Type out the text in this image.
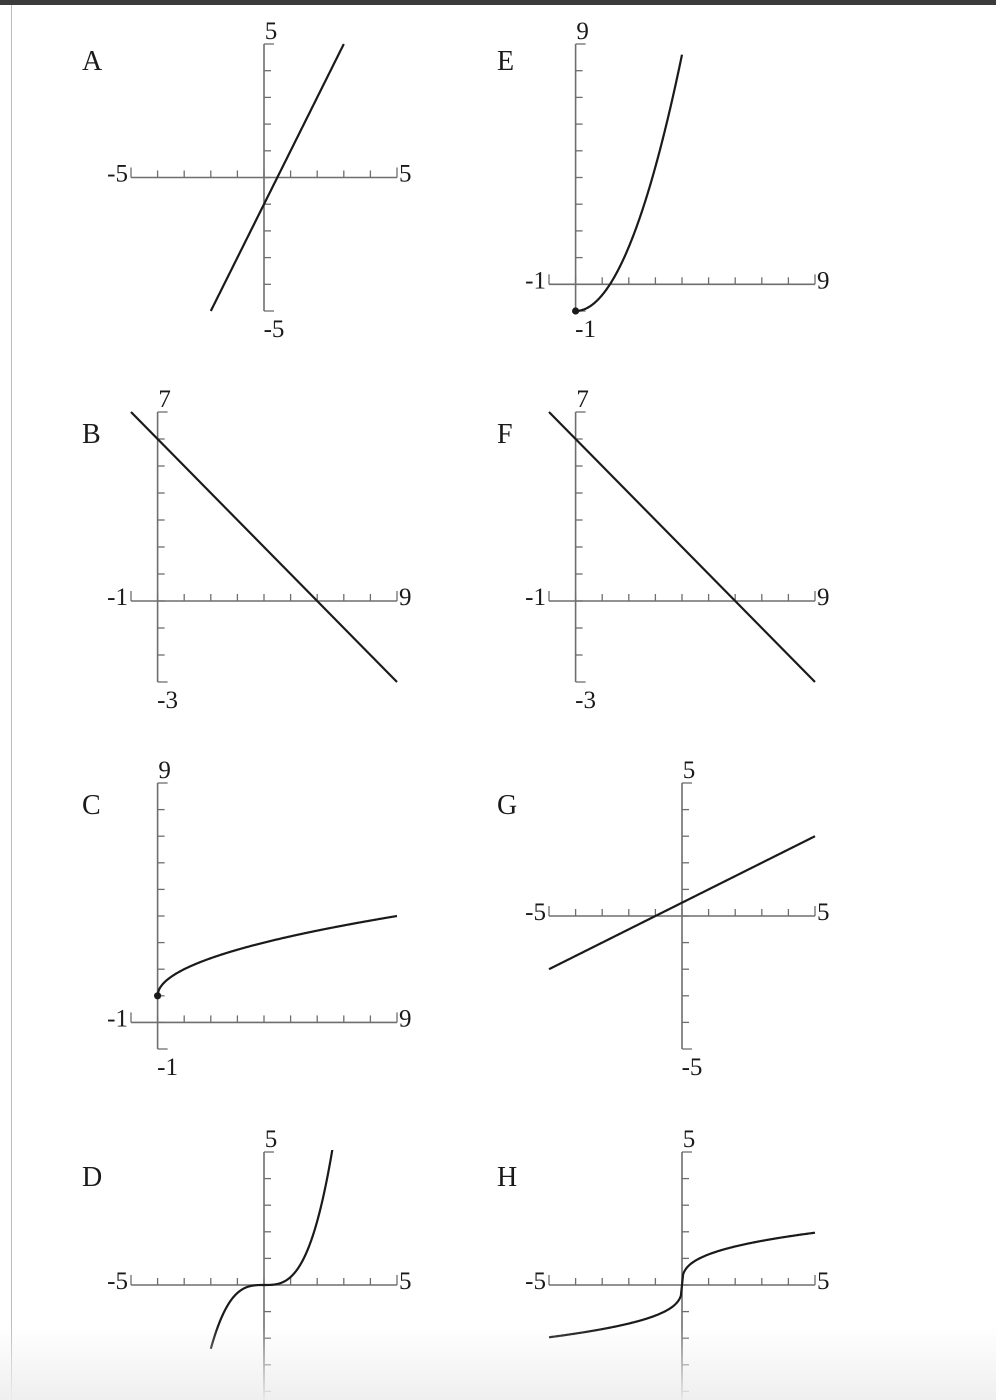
A	E
B	F
C	G
D	H
-5	5
5
-5
-1	9
9
-1
-1	9
7
-3
-1	9
7
-3
-1	9
9
-1
-5	5
5
-5
-5	5
5
-5	5
5
